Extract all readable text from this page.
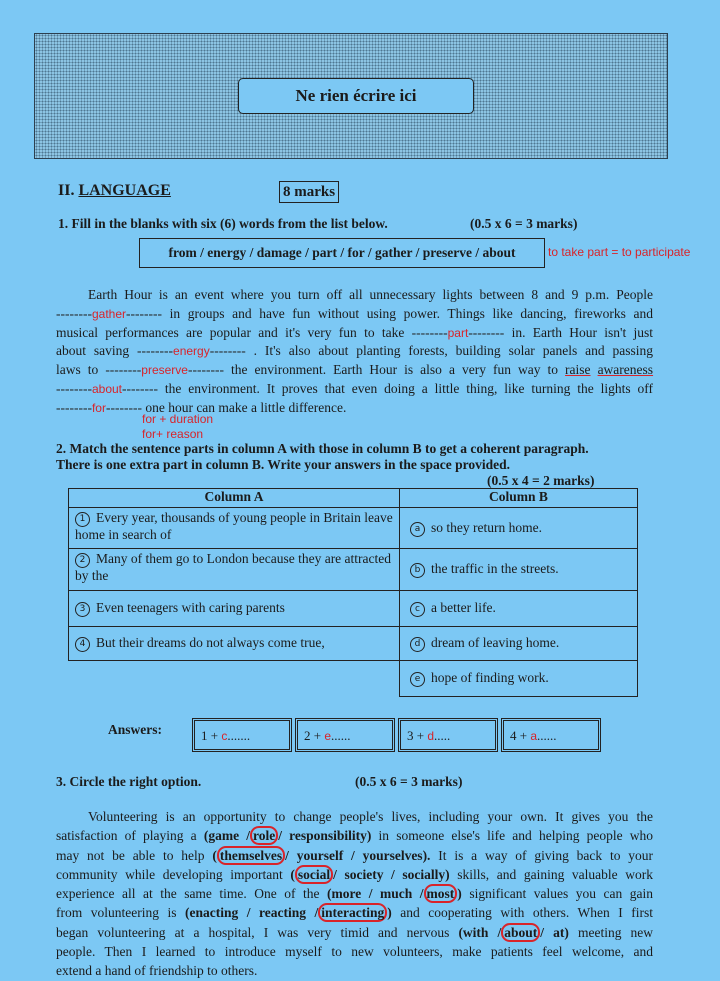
Ne rien écrire ici
II. LANGUAGE	8 marks
1. Fill in the blanks with six (6) words from the list below.	(0.5 x 6 = 3 marks)
from / energy / damage / part / for / gather / preserve / about	to take part = to participate
Earth Hour is an event where you turn off all unnecessary lights between 8 and 9 p.m. People
--------gather-------- in groups and have fun without using power. Things like dancing, fireworks and
musical performances are popular and it's very fun to take --------part-------- in. Earth Hour isn't just
about saving --------energy-------- . It's also about planting forests, building solar panels and passing
laws to --------preserve-------- the environment. Earth Hour is also a very fun way to raise awareness
--------about-------- the environment. It proves that even doing a little thing, like turning the lights off
--------for-------- one hour can make a little difference.
for + duration
for+ reason
2. Match the sentence parts in column A with those in column B to get a coherent paragraph.
There is one extra part in column B. Write your answers in the space provided.
(0.5 x 4 = 2 marks)
Column A	Column B
1 Every year, thousands of young people in Britain leave home in search of	a so they return home.
2 Many of them go to London because they are attracted by the	b the traffic in the streets.
3 Even teenagers with caring parents	c a better life.
4 But their dreams do not always come true,	d dream of leaving home.
	e hope of finding work.
Answers:	1 + c.......	2 + e......	3 + d.....	4 + a......
3. Circle the right option.	(0.5 x 6 = 3 marks)
Volunteering is an opportunity to change people's lives, including your own. It gives you the
satisfaction of playing a (game / role / responsibility) in someone else's life and helping people who
may not be able to help ( themselves / yourself / yourselves). It is a way of giving back to your
community while developing important ( social / society / socially) skills, and gaining valuable work
experience all at the same time. One of the (more / much / most ) significant values you can gain
from volunteering is (enacting / reacting / interacting ) and cooperating with others. When I first
began volunteering at a hospital, I was very timid and nervous (with / about / at) meeting new
people. Then I learned to introduce myself to new volunteers, make patients feel welcome, and
extend a hand of friendship to others.
